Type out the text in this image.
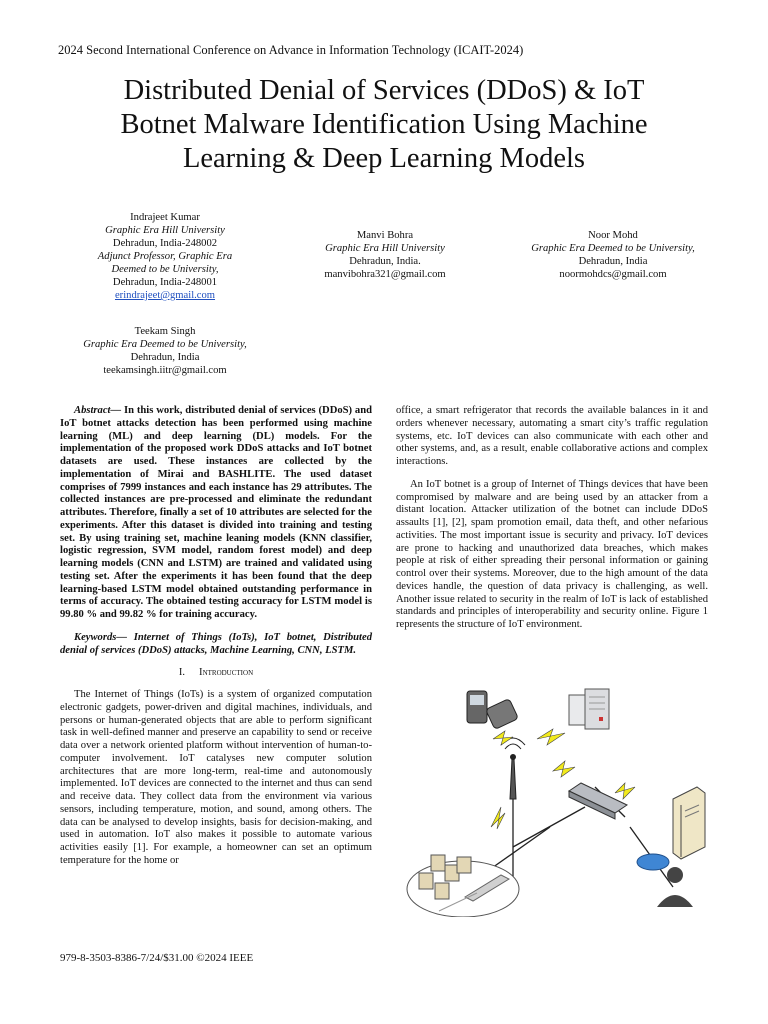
2024 Second International Conference on Advance in Information Technology (ICAIT-2024)
Distributed Denial of Services (DDoS) & IoT
Botnet Malware Identification Using Machine
Learning & Deep Learning Models
Indrajeet Kumar
Graphic Era Hill University
Dehradun, India-248002
Adjunct Professor, Graphic Era
Deemed to be University,
Dehradun, India-248001
erindrajeet@gmail.com
Manvi Bohra
Graphic Era Hill University
Dehradun, India.
manvibohra321@gmail.com
Noor Mohd
Graphic Era Deemed to be University,
Dehradun, India
noormohdcs@gmail.com
Teekam Singh
Graphic Era Deemed to be University,
Dehradun, India
teekamsingh.iitr@gmail.com

Abstract— In this work, distributed denial of services (DDoS) and IoT botnet attacks detection has been performed using machine learning (ML) and deep learning (DL) models. For the implementation of the proposed work DDoS attacks and IoT botnet datasets are used. These instances are collected by the implementation of Mirai and BASHLITE. The used dataset comprises of 7999 instances and each instance has 29 attributes. The collected instances are pre-processed and eliminate the redundant attributes. Therefore, finally a set of 10 attributes are selected for the experiments. After this dataset is divided into training and testing set. By using training set, machine leaning models (KNN classifier, logistic regression, SVM model, random forest model) and deep learning models (CNN and LSTM) are trained and validated using testing set. After the experiments it has been found that the deep learning-based LSTM model obtained outstanding performance in terms of accuracy. The obtained testing accuracy for LSTM model is 99.80 % and 99.82 % for training accuracy.

Keywords— Internet of Things (IoTs), IoT botnet, Distributed denial of services (DDoS) attacks, Machine Learning, CNN, LSTM.

I. Introduction

The Internet of Things (IoTs) is a system of organized computation electronic gadgets, power-driven and digital machines, individuals, and persons or human-generated objects that are able to perform significant task in well-defined manner and preserve an capability to send or receive data over a network oriented platform without intervention of human-to-computer involvement. IoT catalyses new computer solution architectures that are more long-term, real-time and autonomously implemented. IoT devices are connected to the internet and thus can send and receive data. They collect data from the environment via various sensors, including temperature, motion, and sound, among others. The data can be analysed to develop insights, basis for decision-making, and used in automation. IoT also makes it possible to automate various activities easily [1]. For example, a homeowner can set an optimum temperature for the home or

office, a smart refrigerator that records the available balances in it and orders whenever necessary, automating a smart city’s traffic regulation systems, etc. IoT devices can also communicate with each other and other systems, and, as a result, enable collaborative actions and complex interactions.

An IoT botnet is a group of Internet of Things devices that have been compromised by malware and are being used by an attacker from a distant location. Attacker utilization of the botnet can include DDoS assaults [1], [2], spam promotion email, data theft, and other nefarious activities. The most important issue is security and privacy. IoT devices are prone to hacking and unauthorized data breaches, which makes people at risk of either spreading their personal information or gaining control over their systems. Moreover, due to the high amount of the data devices handle, the question of data privacy is challenging, as well. Another issue related to security in the realm of IoT is lack of established standards and principles of interoperability and security online. Figure 1 represents the structure of IoT environment.

979-8-3503-8386-7/24/$31.00 ©2024 IEEE
